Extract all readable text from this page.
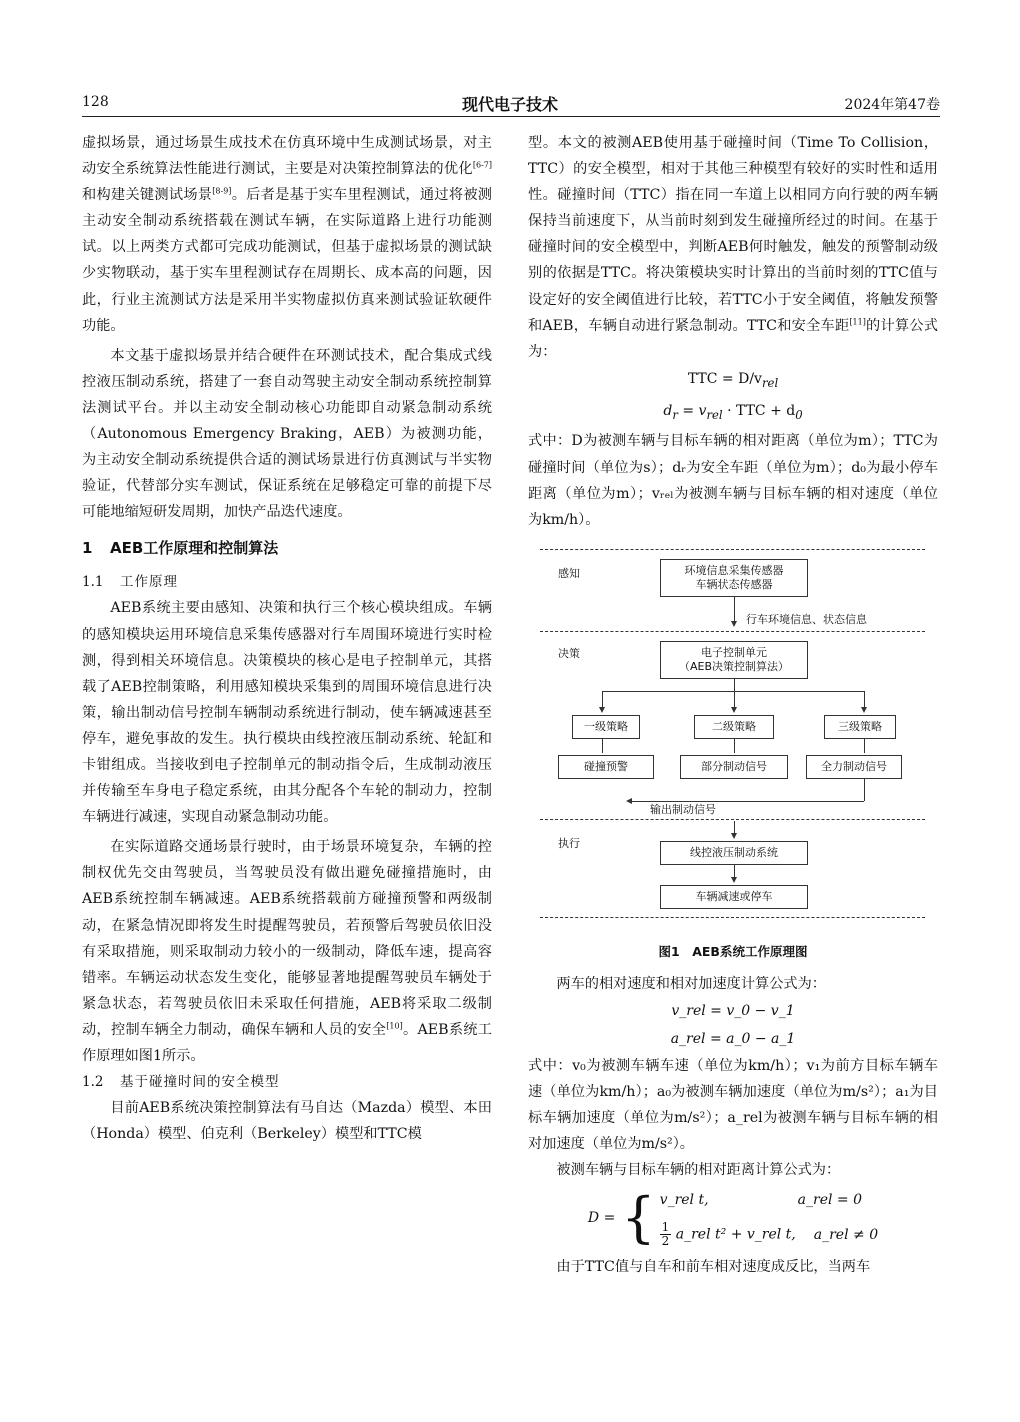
128	现代电子技术	2024年第47卷

虚拟场景，通过场景生成技术在仿真环境中生成测试场景，对主动安全系统算法性能进行测试，主要是对决策控制算法的优化[6-7]和构建关键测试场景[8-9]。后者是基于实车里程测试，通过将被测主动安全制动系统搭载在测试车辆，在实际道路上进行功能测试。以上两类方式都可完成功能测试，但基于虚拟场景的测试缺少实物联动，基于实车里程测试存在周期长、成本高的问题，因此，行业主流测试方法是采用半实物虚拟仿真来测试验证软硬件功能。

本文基于虚拟场景并结合硬件在环测试技术，配合集成式线控液压制动系统，搭建了一套自动驾驶主动安全制动系统控制算法测试平台。并以主动安全制动核心功能即自动紧急制动系统（Autonomous Emergency Braking，AEB）为被测功能，为主动安全制动系统提供合适的测试场景进行仿真测试与半实物验证，代替部分实车测试，保证系统在足够稳定可靠的前提下尽可能地缩短研发周期，加快产品迭代速度。

1 AEB工作原理和控制算法
1.1 工作原理

AEB系统主要由感知、决策和执行三个核心模块组成。车辆的感知模块运用环境信息采集传感器对行车周围环境进行实时检测，得到相关环境信息。决策模块的核心是电子控制单元，其搭载了AEB控制策略，利用感知模块采集到的周围环境信息进行决策，输出制动信号控制车辆制动系统进行制动，使车辆减速甚至停车，避免事故的发生。执行模块由线控液压制动系统、轮缸和卡钳组成。当接收到电子控制单元的制动指令后，生成制动液压并传输至车身电子稳定系统，由其分配各个车轮的制动力，控制车辆进行减速，实现自动紧急制动功能。

在实际道路交通场景行驶时，由于场景环境复杂，车辆的控制权优先交由驾驶员，当驾驶员没有做出避免碰撞措施时，由AEB系统控制车辆减速。AEB系统搭载前方碰撞预警和两级制动，在紧急情况即将发生时提醒驾驶员，若预警后驾驶员依旧没有采取措施，则采取制动力较小的一级制动，降低车速，提高容错率。车辆运动状态发生变化，能够显著地提醒驾驶员车辆处于紧急状态，若驾驶员依旧未采取任何措施，AEB将采取二级制动，控制车辆全力制动，确保车辆和人员的安全[10]。AEB系统工作原理如图1所示。

1.2 基于碰撞时间的安全模型

目前AEB系统决策控制算法有马自达（Mazda）模型、本田（Honda）模型、伯克利（Berkeley）模型和TTC模

型。本文的被测AEB使用基于碰撞时间（Time To Collision，TTC）的安全模型，相对于其他三种模型有较好的实时性和适用性。碰撞时间（TTC）指在同一车道上以相同方向行驶的两车辆保持当前速度下，从当前时刻到发生碰撞所经过的时间。在基于碰撞时间的安全模型中，判断AEB何时触发，触发的预警制动级别的依据是TTC。将决策模块实时计算出的当前时刻的TTC值与设定好的安全阈值进行比较，若TTC小于安全阈值，将触发预警和AEB，车辆自动进行紧急制动。TTC和安全车距[11]的计算公式为：

TTC = $D/v_{rel}$
$d_r = v_{rel}$ · TTC + $d_0$

式中：D为被测车辆与目标车辆的相对距离（单位为m）；TTC为碰撞时间（单位为s）；dᵣ为安全车距（单位为m）；d₀为最小停车距离（单位为m）；vᵣₑₗ为被测车辆与目标车辆的相对速度（单位为km/h）。

感知	环境信息采集传感器
车辆状态传感器
行车环境信息、状态信息
决策	电子控制单元
（AEB决策控制算法）
一级策略	二级策略	三级策略
碰撞预警	部分制动信号	全力制动信号
输出制动信号
执行
线控液压制动系统
车辆减速或停车
图1　AEB系统工作原理图

两车的相对速度和相对加速度计算公式为：

v_rel = v_0 − v_1
a_rel = a_0 − a_1

式中：v₀为被测车辆车速（单位为km/h）；v₁为前方目标车辆车速（单位为km/h）；a₀为被测车辆加速度（单位为m/s²）；a₁为目标车辆加速度（单位为m/s²）；a_rel为被测车辆与目标车辆的相对加速度（单位为m/s²）。

被测车辆与目标车辆的相对距离计算公式为：

D = { v_rel t,	a_rel = 0
$\frac{1}{2}$ a_rel t² + v_rel t, a_rel ≠ 0

由于TTC值与自车和前车相对速度成反比，当两车
